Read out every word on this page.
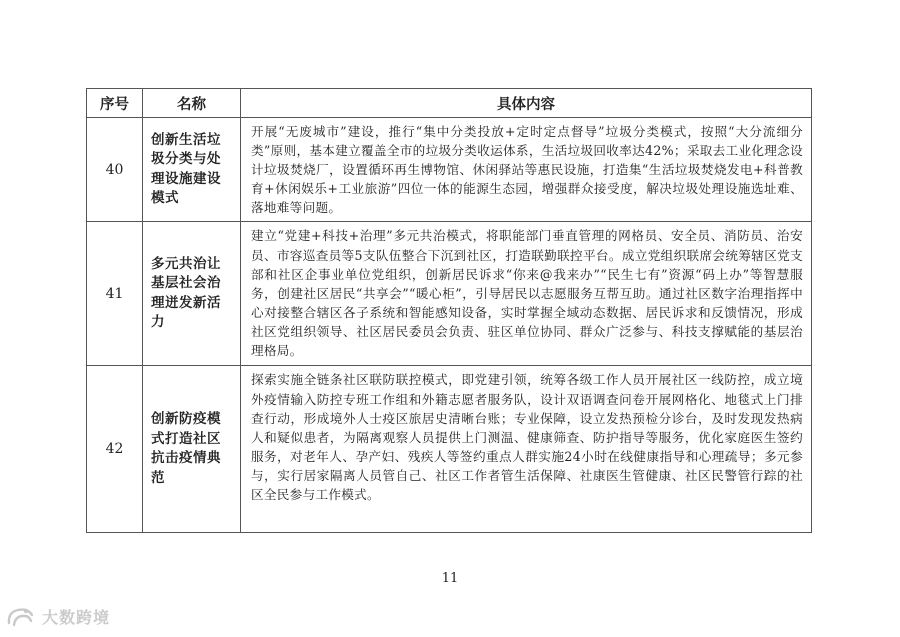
序号	名称	具体内容
40	创新生活垃圾分类与处理设施建设模式	开展“无废城市”建设，推行“集中分类投放+定时定点督导”垃圾分类模式，按照“大分流细分类”原则，基本建立覆盖全市的垃圾分类收运体系，生活垃圾回收率达42%；采取去工业化理念设计垃圾焚烧厂，设置循环再生博物馆、休闲驿站等惠民设施，打造集“生活垃圾焚烧发电+科普教育+休闲娱乐+工业旅游”四位一体的能源生态园，增强群众接受度，解决垃圾处理设施选址难、落地难等问题。
41	多元共治让基层社会治理迸发新活力	建立“党建+科技+治理”多元共治模式，将职能部门垂直管理的网格员、安全员、消防员、治安员、市容巡查员等5支队伍整合下沉到社区，打造联勤联控平台。成立党组织联席会统筹辖区党支部和社区企事业单位党组织，创新居民诉求“你来@我来办”“民生七有”资源“码上办”等智慧服务，创建社区居民“共享会”“暖心柜”，引导居民以志愿服务互帮互助。通过社区数字治理指挥中心对接整合辖区各子系统和智能感知设备，实时掌握全域动态数据、居民诉求和反馈情况，形成社区党组织领导、社区居民委员会负责、驻区单位协同、群众广泛参与、科技支撑赋能的基层治理格局。
42	创新防疫模式打造社区抗击疫情典范	探索实施全链条社区联防联控模式，即党建引领，统筹各级工作人员开展社区一线防控，成立境外疫情输入防控专班工作组和外籍志愿者服务队，设计双语调查问卷开展网格化、地毯式上门排查行动，形成境外人士疫区旅居史清晰台账；专业保障，设立发热预检分诊台，及时发现发热病人和疑似患者，为隔离观察人员提供上门测温、健康筛查、防护指导等服务，优化家庭医生签约服务，对老年人、孕产妇、残疾人等签约重点人群实施24小时在线健康指导和心理疏导；多元参与，实行居家隔离人员管自己、社区工作者管生活保障、社康医生管健康、社区民警管行踪的社区全民参与工作模式。
11
大数跨境
